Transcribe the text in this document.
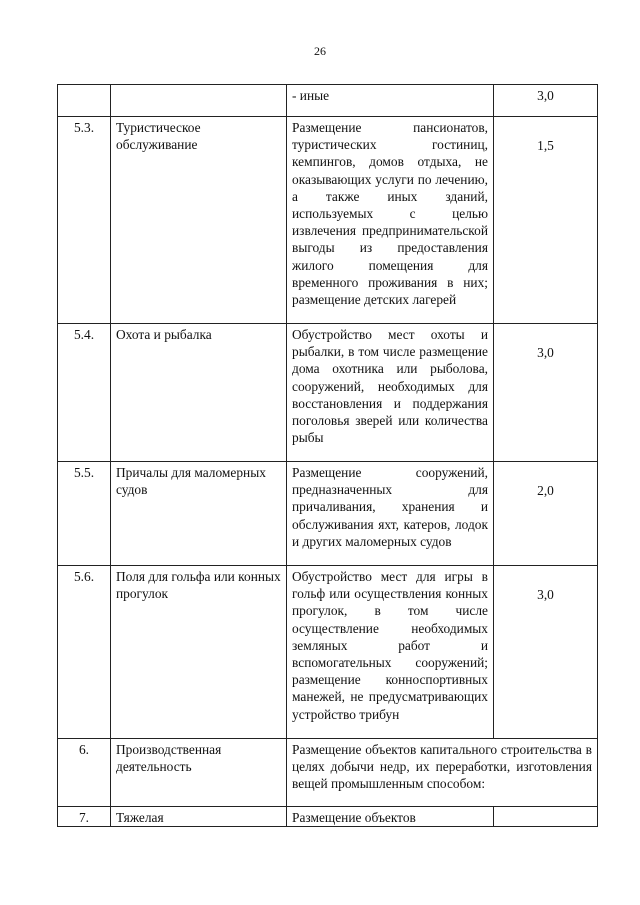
26
		- иные	3,0

5.3.	Туристическое обслуживание	Размещение пансионатов, туристических гостиниц, кемпингов, домов отдыха, не оказывающих услуги по лечению, а также иных зданий, используемых с целью извлечения предпринимательской выгоды из предоставления жилого помещения для временного проживания в них; размещение детских лагерей	1,5

5.4.	Охота и рыбалка	Обустройство мест охоты и рыбалки, в том числе размещение дома охотника или рыболова, сооружений, необходимых для восстановления и поддержания поголовья зверей или количества рыбы	3,0

5.5.	Причалы для маломерных судов	Размещение сооружений, предназначенных для причаливания, хранения и обслуживания яхт, катеров, лодок и других маломерных судов	2,0

5.6.	Поля для гольфа или конных прогулок	Обустройство мест для игры в гольф или осуществления конных прогулок, в том числе осуществление необходимых земляных работ и вспомогательных сооружений; размещение конноспортивных манежей, не предусматривающих устройство трибун	3,0

6.	Производственная деятельность	Размещение объектов капитального строительства в целях добычи недр, их переработки, изготовления вещей промышленным способом:	
7.	Тяжелая	Размещение объектов	
